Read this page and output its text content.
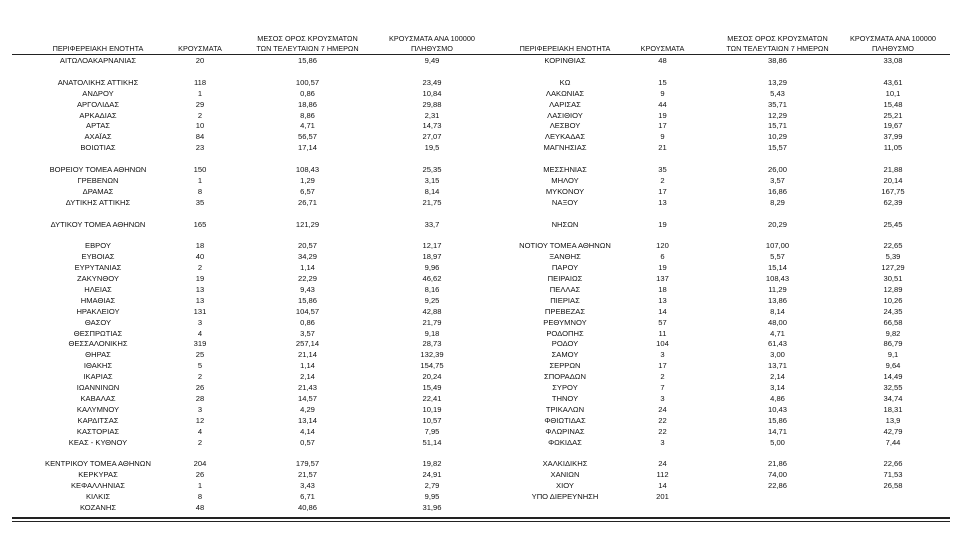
ΠΕΡΙΦΕΡΕΙΑΚΗ ΕΝΟΤΗΤΑ	ΚΡΟΥΣΜΑΤΑ
ΜΕΣΟΣ ΟΡΟΣ ΚΡΟΥΣΜΑΤΩΝ
ΤΩΝ ΤΕΛΕΥΤΑΙΩΝ 7 ΗΜΕΡΩΝ
ΚΡΟΥΣΜΑΤΑ ΑΝΑ 100000
ΠΛΗΘΥΣΜΟ	ΠΕΡΙΦΕΡΕΙΑΚΗ ΕΝΟΤΗΤΑ	ΚΡΟΥΣΜΑΤΑ
ΜΕΣΟΣ ΟΡΟΣ ΚΡΟΥΣΜΑΤΩΝ
ΤΩΝ ΤΕΛΕΥΤΑΙΩΝ 7 ΗΜΕΡΩΝ
ΚΡΟΥΣΜΑΤΑ ΑΝΑ 100000
ΠΛΗΘΥΣΜΟ
ΑΙΤΩΛΟΑΚΑΡΝΑΝΙΑΣ	20	15,86	9,49
ΑΝΑΤΟΛΙΚΗΣ ΑΤΤΙΚΗΣ	118	100,57	23,49
ΑΝΔΡΟΥ	1	0,86	10,84
ΑΡΓΟΛΙΔΑΣ	29	18,86	29,88
ΑΡΚΑΔΙΑΣ	2	8,86	2,31
ΑΡΤΑΣ	10	4,71	14,73
ΑΧΑΪΑΣ	84	56,57	27,07
ΒΟΙΩΤΙΑΣ	23	17,14	19,5
ΒΟΡΕΙΟΥ ΤΟΜΕΑ ΑΘΗΝΩΝ	150	108,43	25,35
ΓΡΕΒΕΝΩΝ	1	1,29	3,15
ΔΡΑΜΑΣ	8	6,57	8,14
ΔΥΤΙΚΗΣ ΑΤΤΙΚΗΣ	35	26,71	21,75
ΔΥΤΙΚΟΥ ΤΟΜΕΑ ΑΘΗΝΩΝ	165	121,29	33,7
ΕΒΡΟΥ	18	20,57	12,17
ΕΥΒΟΙΑΣ	40	34,29	18,97
ΕΥΡΥΤΑΝΙΑΣ	2	1,14	9,96
ΖΑΚΥΝΘΟΥ	19	22,29	46,62
ΗΛΕΙΑΣ	13	9,43	8,16
ΗΜΑΘΙΑΣ	13	15,86	9,25
ΗΡΑΚΛΕΙΟΥ	131	104,57	42,88
ΘΑΣΟΥ	3	0,86	21,79
ΘΕΣΠΡΩΤΙΑΣ	4	3,57	9,18
ΘΕΣΣΑΛΟΝΙΚΗΣ	319	257,14	28,73
ΘΗΡΑΣ	25	21,14	132,39
ΙΘΑΚΗΣ	5	1,14	154,75
ΙΚΑΡΙΑΣ	2	2,14	20,24
ΙΩΑΝΝΙΝΩΝ	26	21,43	15,49
ΚΑΒΑΛΑΣ	28	14,57	22,41
ΚΑΛΥΜΝΟΥ	3	4,29	10,19
ΚΑΡΔΙΤΣΑΣ	12	13,14	10,57
ΚΑΣΤΟΡΙΑΣ	4	4,14	7,95
ΚΕΑΣ - ΚΥΘΝΟΥ	2	0,57	51,14
ΚΕΝΤΡΙΚΟΥ ΤΟΜΕΑ ΑΘΗΝΩΝ	204	179,57	19,82
ΚΕΡΚΥΡΑΣ	26	21,57	24,91
ΚΕΦΑΛΛΗΝΙΑΣ	1	3,43	2,79
ΚΙΛΚΙΣ	8	6,71	9,95
ΚΟΖΑΝΗΣ	48	40,86	31,96
ΚΟΡΙΝΘΙΑΣ	48	38,86	33,08
ΚΩ	15	13,29	43,61
ΛΑΚΩΝΙΑΣ	9	5,43	10,1
ΛΑΡΙΣΑΣ	44	35,71	15,48
ΛΑΣΙΘΙΟΥ	19	12,29	25,21
ΛΕΣΒΟΥ	17	15,71	19,67
ΛΕΥΚΑΔΑΣ	9	10,29	37,99
ΜΑΓΝΗΣΙΑΣ	21	15,57	11,05
ΜΕΣΣΗΝΙΑΣ	35	26,00	21,88
ΜΗΛΟΥ	2	3,57	20,14
ΜΥΚΟΝΟΥ	17	16,86	167,75
ΝΑΞΟΥ	13	8,29	62,39
ΝΗΣΩΝ	19	20,29	25,45
ΝΟΤΙΟΥ ΤΟΜΕΑ ΑΘΗΝΩΝ	120	107,00	22,65
ΞΑΝΘΗΣ	6	5,57	5,39
ΠΑΡΟΥ	19	15,14	127,29
ΠΕΙΡΑΙΩΣ	137	108,43	30,51
ΠΕΛΛΑΣ	18	11,29	12,89
ΠΙΕΡΙΑΣ	13	13,86	10,26
ΠΡΕΒΕΖΑΣ	14	8,14	24,35
ΡΕΘΥΜΝΟΥ	57	48,00	66,58
ΡΟΔΟΠΗΣ	11	4,71	9,82
ΡΟΔΟΥ	104	61,43	86,79
ΣΑΜΟΥ	3	3,00	9,1
ΣΕΡΡΩΝ	17	13,71	9,64
ΣΠΟΡΑΔΩΝ	2	2,14	14,49
ΣΥΡΟΥ	7	3,14	32,55
ΤΗΝΟΥ	3	4,86	34,74
ΤΡΙΚΑΛΩΝ	24	10,43	18,31
ΦΘΙΩΤΙΔΑΣ	22	15,86	13,9
ΦΛΩΡΙΝΑΣ	22	14,71	42,79
ΦΩΚΙΔΑΣ	3	5,00	7,44
ΧΑΛΚΙΔΙΚΗΣ	24	21,86	22,66
ΧΑΝΙΩΝ	112	74,00	71,53
ΧΙΟΥ	14	22,86	26,58
ΥΠΟ ΔΙΕΡΕΥΝΗΣΗ	201
